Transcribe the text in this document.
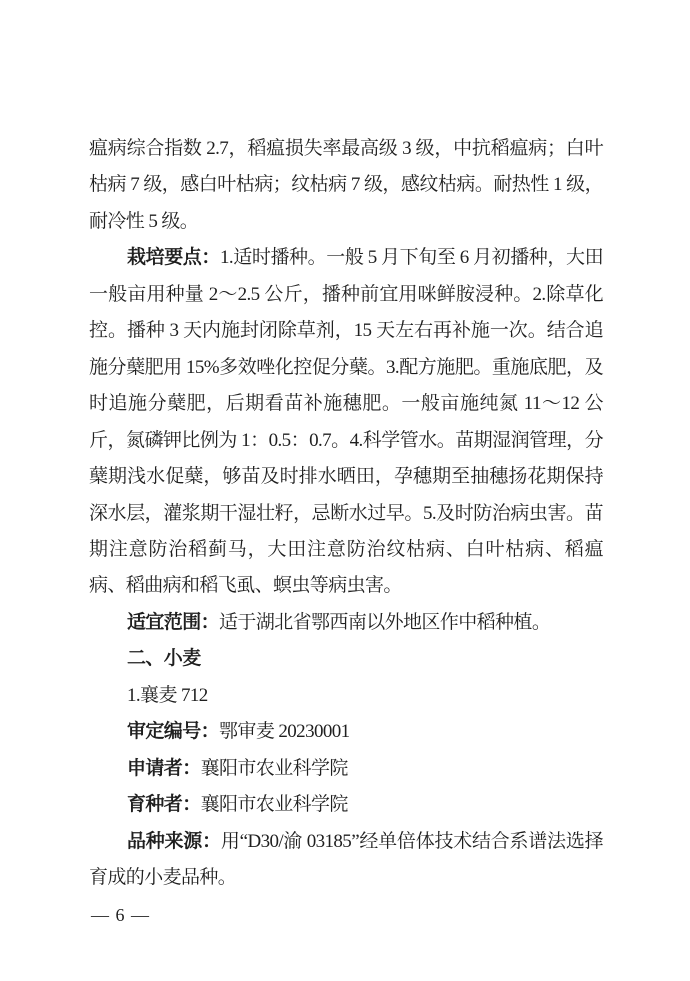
瘟病综合指数 2.7，稻瘟损失率最高级 3 级，中抗稻瘟病；白叶枯病 7 级，感白叶枯病；纹枯病 7 级，感纹枯病。耐热性 1 级，耐冷性 5 级。

栽培要点：1.适时播种。一般 5 月下旬至 6 月初播种，大田一般亩用种量 2～2.5 公斤，播种前宜用咪鲜胺浸种。2.除草化控。播种 3 天内施封闭除草剂，15 天左右再补施一次。结合追施分蘖肥用 15%多效唑化控促分蘖。3.配方施肥。重施底肥，及时追施分蘖肥，后期看苗补施穗肥。一般亩施纯氮 11～12 公斤，氮磷钾比例为 1：0.5：0.7。4.科学管水。苗期湿润管理，分蘖期浅水促蘖，够苗及时排水晒田，孕穗期至抽穗扬花期保持深水层，灌浆期干湿壮籽，忌断水过早。5.及时防治病虫害。苗期注意防治稻蓟马，大田注意防治纹枯病、白叶枯病、稻瘟病、稻曲病和稻飞虱、螟虫等病虫害。

适宜范围：适于湖北省鄂西南以外地区作中稻种植。

二、小麦

1.襄麦 712

审定编号：鄂审麦 20230001

申请者：襄阳市农业科学院

育种者：襄阳市农业科学院

品种来源：用“D30/渝 03185”经单倍体技术结合系谱法选择育成的小麦品种。

— 6 —
